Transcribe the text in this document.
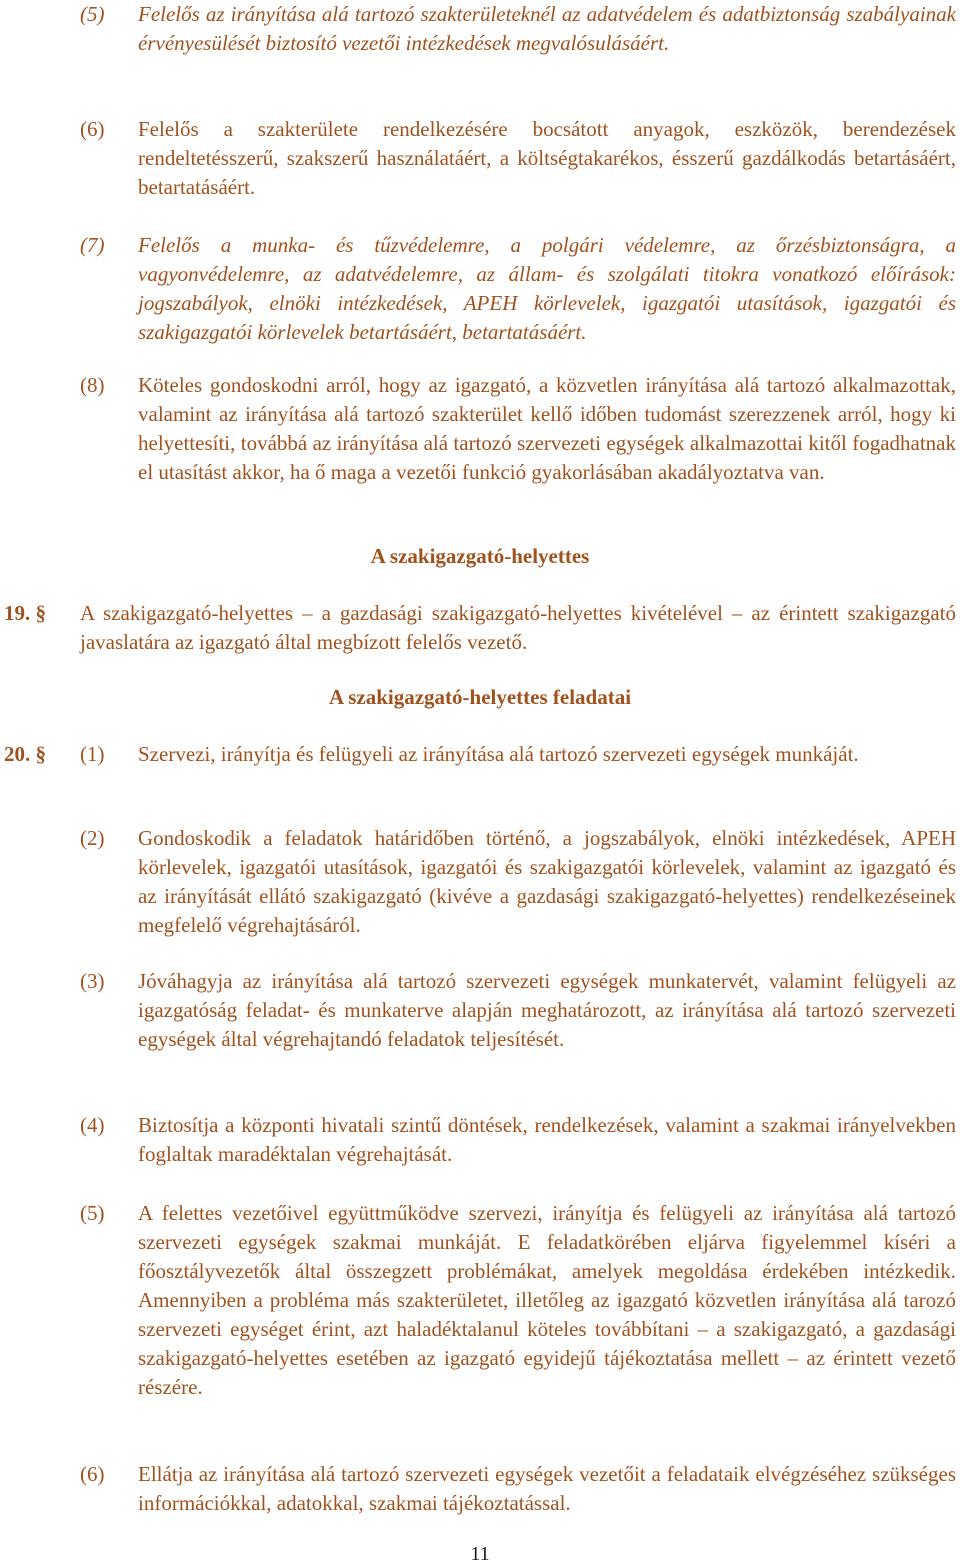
(5)	Felelős az irányítása alá tartozó szakterületeknél az adatvédelem és adatbiztonság szabályainak érvényesülését biztosító vezetői intézkedések megvalósulásáért.
(6)	Felelős a szakterülete rendelkezésére bocsátott anyagok, eszközök, berendezések rendeltetésszerű, szakszerű használatáért, a költségtakarékos, ésszerű gazdálkodás betartásáért, betartatásáért.
(7)	Felelős a munka- és tűzvédelemre, a polgári védelemre, az őrzésbiztonságra, a vagyonvédelemre, az adatvédelemre, az állam- és szolgálati titokra vonatkozó előírások: jogszabályok, elnöki intézkedések, APEH körlevelek, igazgatói utasítások, igazgatói és szakigazgatói körlevelek betartásáért, betartatásáért.
(8)	Köteles gondoskodni arról, hogy az igazgató, a közvetlen irányítása alá tartozó alkalmazottak, valamint az irányítása alá tartozó szakterület kellő időben tudomást szerezzenek arról, hogy ki helyettesíti, továbbá az irányítása alá tartozó szervezeti egységek alkalmazottai kitől fogadhatnak el utasítást akkor, ha ő maga a vezetői funkció gyakorlásában akadályoztatva van.
A szakigazgató-helyettes
19. § A szakigazgató-helyettes – a gazdasági szakigazgató-helyettes kivételével – az érintett szakigazgató javaslatára az igazgató által megbízott felelős vezető.
A szakigazgató-helyettes feladatai
20. § (1)	Szervezi, irányítja és felügyeli az irányítása alá tartozó szervezeti egységek munkáját.
(2)	Gondoskodik a feladatok határidőben történő, a jogszabályok, elnöki intézkedések, APEH körlevelek, igazgatói utasítások, igazgatói és szakigazgatói körlevelek, valamint az igazgató és az irányítását ellátó szakigazgató (kivéve a gazdasági szakigazgató-helyettes) rendelkezéseinek megfelelő végrehajtásáról.
(3)	Jóváhagyja az irányítása alá tartozó szervezeti egységek munkatervét, valamint felügyeli az igazgatóság feladat- és munkaterve alapján meghatározott, az irányítása alá tartozó szervezeti egységek által végrehajtandó feladatok teljesítését.
(4)	Biztosítja a központi hivatali szintű döntések, rendelkezések, valamint a szakmai irányelvekben foglaltak maradéktalan végrehajtását.
(5)	A felettes vezetőivel együttműködve szervezi, irányítja és felügyeli az irányítása alá tartozó szervezeti egységek szakmai munkáját. E feladatkörében eljárva figyelemmel kíséri a főosztályvezetők által összegzett problémákat, amelyek megoldása érdekében intézkedik. Amennyiben a probléma más szakterületet, illetőleg az igazgató közvetlen irányítása alá tarozó szervezeti egységet érint, azt haladéktalanul köteles továbbítani – a szakigazgató, a gazdasági szakigazgató-helyettes esetében az igazgató egyidejű tájékoztatása mellett – az érintett vezető részére.
(6)	Ellátja az irányítása alá tartozó szervezeti egységek vezetőit a feladataik elvégzéséhez szükséges információkkal, adatokkal, szakmai tájékoztatással.
11
